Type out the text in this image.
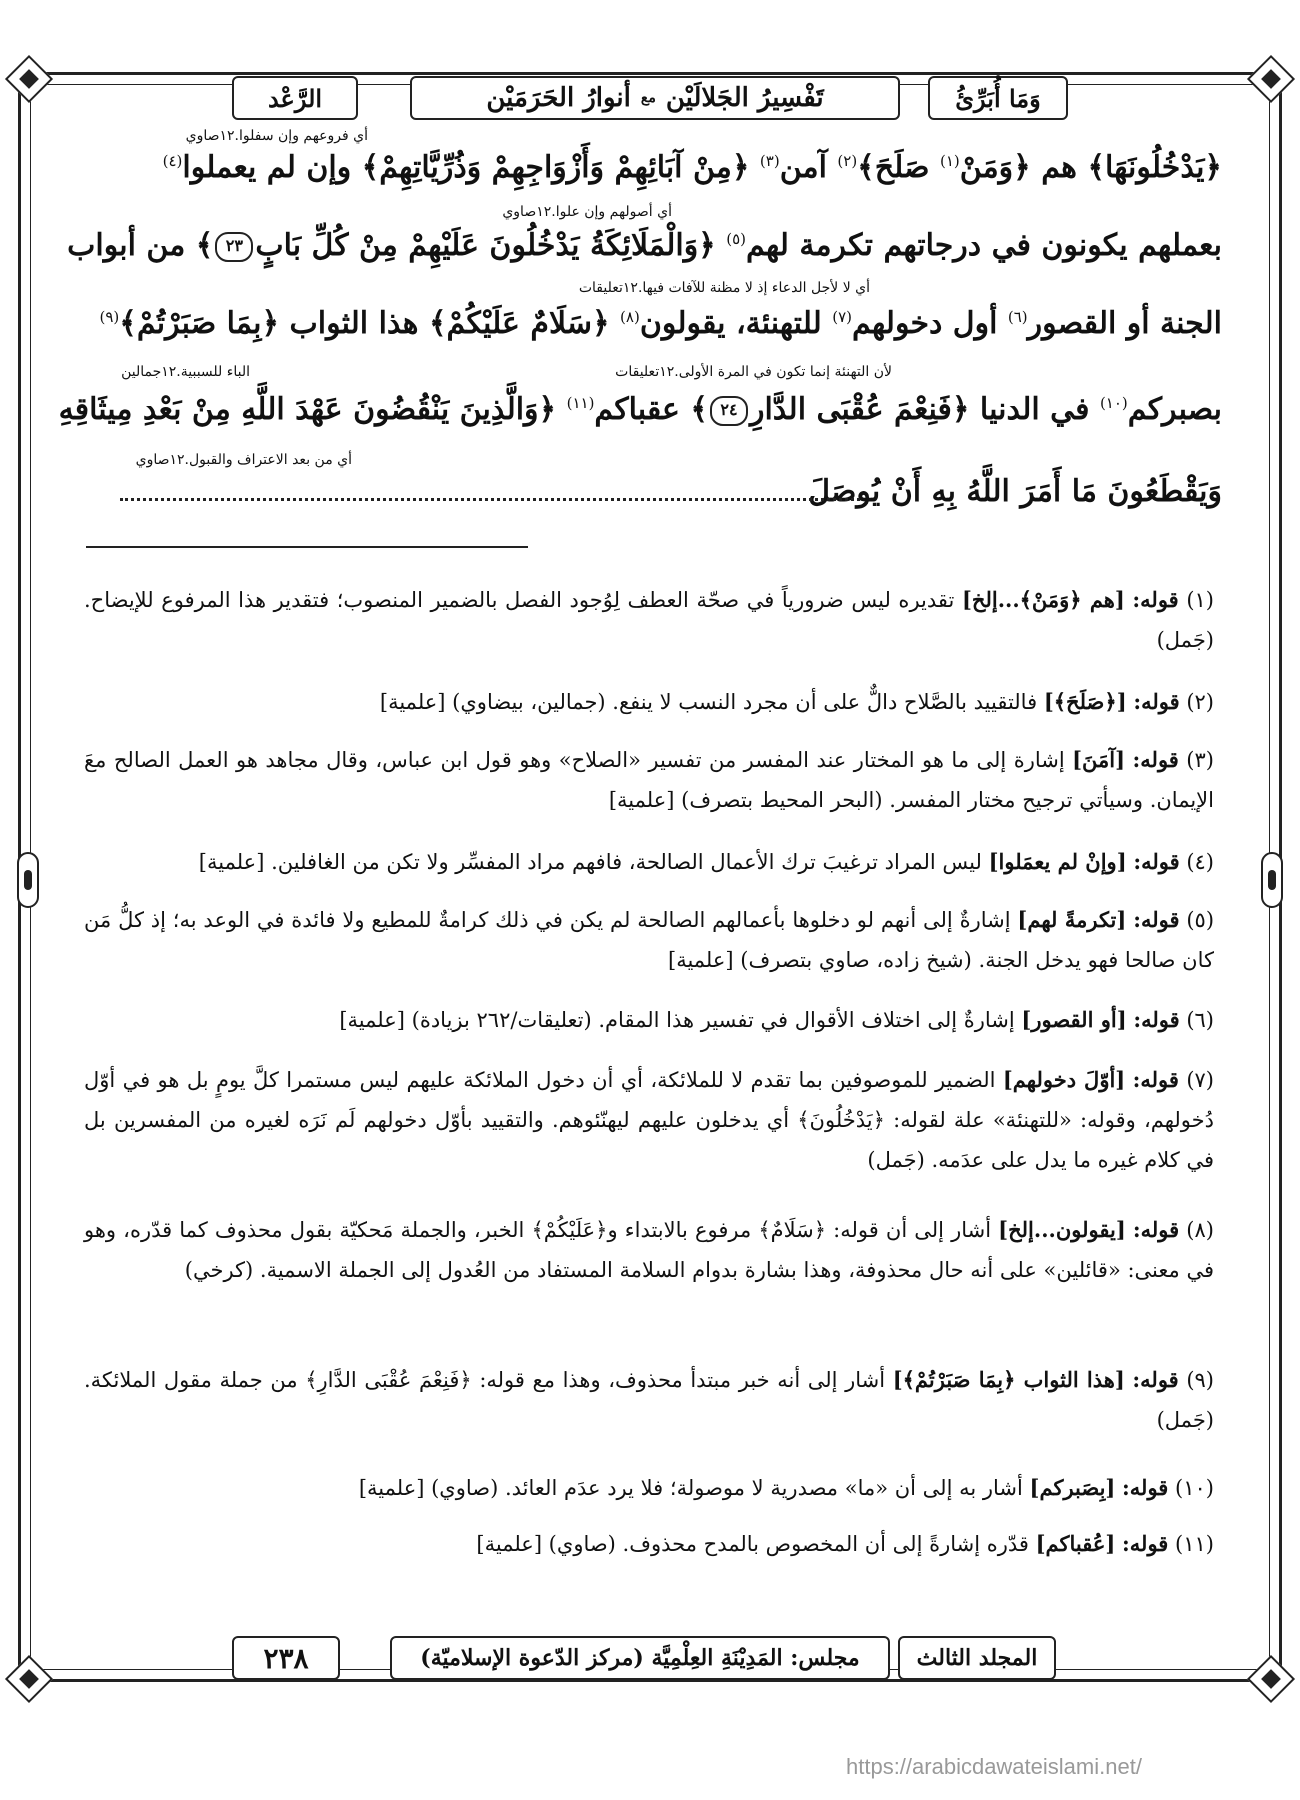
الرَّعْد	تَفْسِيرُ الجَلالَيْن
مع
أنوارُ الحَرَمَيْن	وَمَا أُبَرِّئُ
أي فروعهم وإن سفلوا.١٢صاوي
أي أصولهم وإن علوا.١٢صاوي
أي لا لأجل الدعاء إذ لا مظنة للآفات فيها.١٢تعليقات
لأن التهنئة إنما تكون في المرة الأولى.١٢تعليقات
الباء للسببية.١٢جمالين
أي من بعد الاعتراف والقبول.١٢صاوي
﴿يَدْخُلُونَهَا﴾ هم ﴿وَمَنْ$^{(١)}$ صَلَحَ﴾$^{(٢)}$ آمن$^{(٣)}$ ﴿مِنْ آبَائِهِمْ وَأَزْوَاجِهِمْ وَذُرِّيَّاتِهِمْ﴾ وإن لم يعملوا$^{(٤)}$
بعملهم يكونون في درجاتهم تكرمة لهم$^{(٥)}$ ﴿وَالْمَلَائِكَةُ يَدْخُلُونَ عَلَيْهِمْ مِنْ كُلِّ بَابٍ٢٣﴾ من أبواب
الجنة أو القصور$^{(٦)}$ أول دخولهم$^{(٧)}$ للتهنئة، يقولون$^{(٨)}$ ﴿سَلَامٌ عَلَيْكُمْ﴾ هذا الثواب ﴿بِمَا صَبَرْتُمْ﴾$^{(٩)}$
بصبركم$^{(١٠)}$ في الدنيا ﴿فَنِعْمَ عُقْبَى الدَّارِ٢٤﴾ عقباكم$^{(١١)}$ ﴿وَالَّذِينَ يَنْقُضُونَ عَهْدَ اللَّهِ مِنْ بَعْدِ مِيثَاقِهِ
وَيَقْطَعُونَ مَا أَمَرَ اللَّهُ بِهِ أَنْ يُوصَلَ
(١) قوله: [هم ﴿وَمَنْ﴾...إلخ] تقديره ليس ضرورياً في صحّة العطف لِوُجود الفصل بالضمير المنصوب؛ فتقدير هذا المرفوع للإيضاح. (جَمل)
(٢) قوله: [﴿صَلَحَ﴾] فالتقييد بالصَّلاح دالٌّ على أن مجرد النسب لا ينفع. (جمالين، بيضاوي) [علمية]
(٣) قوله: [آمَنَ] إشارة إلى ما هو المختار عند المفسر من تفسير «الصلاح» وهو قول ابن عباس، وقال مجاهد هو العمل الصالح معَ الإيمان. وسيأتي ترجيح مختار المفسر. (البحر المحيط بتصرف) [علمية]
(٤) قوله: [وإنْ لم يعمَلوا] ليس المراد ترغيبَ ترك الأعمال الصالحة، فافهم مراد المفسِّر ولا تكن من الغافلين. [علمية]
(٥) قوله: [تكرمةً لهم] إشارةٌ إلى أنهم لو دخلوها بأعمالهم الصالحة لم يكن في ذلك كرامةٌ للمطيع ولا فائدة في الوعد به؛ إذ كلُّ مَن كان صالحا فهو يدخل الجنة. (شيخ زاده، صاوي بتصرف) [علمية]
(٦) قوله: [أو القصور] إشارةٌ إلى اختلاف الأقوال في تفسير هذا المقام. (تعليقات/٢٦٢ بزيادة) [علمية]
(٧) قوله: [أوّلَ دخولهم] الضمير للموصوفين بما تقدم لا للملائكة، أي أن دخول الملائكة عليهم ليس مستمرا كلَّ يومٍ بل هو في أوّل دُخولهم، وقوله: «للتهنئة» علة لقوله: ﴿يَدْخُلُونَ﴾ أي يدخلون عليهم ليهنّئوهم. والتقييد بأوّل دخولهم لَم نَرَه لغيره من المفسرين بل في كلام غيره ما يدل على عدَمه. (جَمل)
(٨) قوله: [يقولون...إلخ] أشار إلى أن قوله: ﴿سَلَامٌ﴾ مرفوع بالابتداء و﴿عَلَيْكُمْ﴾ الخبر، والجملة مَحكيّة بقول محذوف كما قدّره، وهو في معنى: «قائلين» على أنه حال محذوفة، وهذا بشارة بدوام السلامة المستفاد من العُدول إلى الجملة الاسمية. (كرخي)
(٩) قوله: [هذا الثواب ﴿بِمَا صَبَرْتُمْ﴾] أشار إلى أنه خبر مبتدأ محذوف، وهذا مع قوله: ﴿فَنِعْمَ عُقْبَى الدَّارِ﴾ من جملة مقول الملائكة. (جَمل)
(١٠) قوله: [بِصَبركم] أشار به إلى أن «ما» مصدرية لا موصولة؛ فلا يرد عدَم العائد. (صاوي) [علمية]
(١١) قوله: [عُقباكم] قدّره إشارةً إلى أن المخصوص بالمدح محذوف. (صاوي) [علمية]
٢٣٨	مجلس: المَدِيْنَةِ العِلْمِيَّة (مركز الدّعوة الإسلاميّة)	المجلد الثالث
https://arabicdawateislami.net/
